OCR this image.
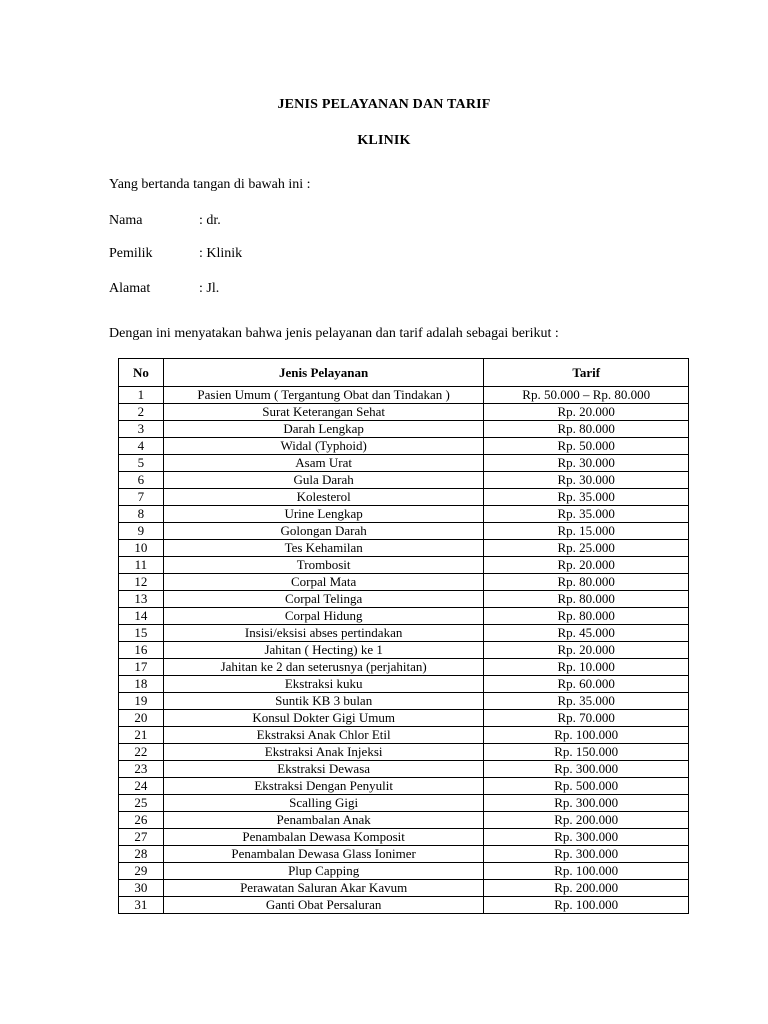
JENIS PELAYANAN DAN TARIF
KLINIK
Yang bertanda tangan di bawah ini :
Nama	: dr.
Pemilik	: Klinik
Alamat	: Jl.
Dengan ini menyatakan bahwa jenis pelayanan dan tarif adalah sebagai berikut :
No	Jenis Pelayanan	Tarif
1	Pasien Umum ( Tergantung Obat dan Tindakan )	Rp. 50.000 – Rp. 80.000
2	Surat Keterangan Sehat	Rp. 20.000
3	Darah Lengkap	Rp. 80.000
4	Widal (Typhoid)	Rp. 50.000
5	Asam Urat	Rp. 30.000
6	Gula Darah	Rp. 30.000
7	Kolesterol	Rp. 35.000
8	Urine Lengkap	Rp. 35.000
9	Golongan Darah	Rp. 15.000
10	Tes Kehamilan	Rp. 25.000
11	Trombosit	Rp. 20.000
12	Corpal Mata	Rp. 80.000
13	Corpal Telinga	Rp. 80.000
14	Corpal Hidung	Rp. 80.000
15	Insisi/eksisi abses pertindakan	Rp. 45.000
16	Jahitan ( Hecting) ke 1	Rp. 20.000
17	Jahitan ke 2 dan seterusnya (perjahitan)	Rp. 10.000
18	Ekstraksi kuku	Rp. 60.000
19	Suntik KB 3 bulan	Rp. 35.000
20	Konsul Dokter Gigi Umum	Rp. 70.000
21	Ekstraksi Anak Chlor Etil	Rp. 100.000
22	Ekstraksi Anak Injeksi	Rp. 150.000
23	Ekstraksi Dewasa	Rp. 300.000
24	Ekstraksi Dengan Penyulit	Rp. 500.000
25	Scalling Gigi	Rp. 300.000
26	Penambalan Anak	Rp. 200.000
27	Penambalan Dewasa Komposit	Rp. 300.000
28	Penambalan Dewasa Glass Ionimer	Rp. 300.000
29	Plup Capping	Rp. 100.000
30	Perawatan Saluran Akar Kavum	Rp. 200.000
31	Ganti Obat Persaluran	Rp. 100.000
